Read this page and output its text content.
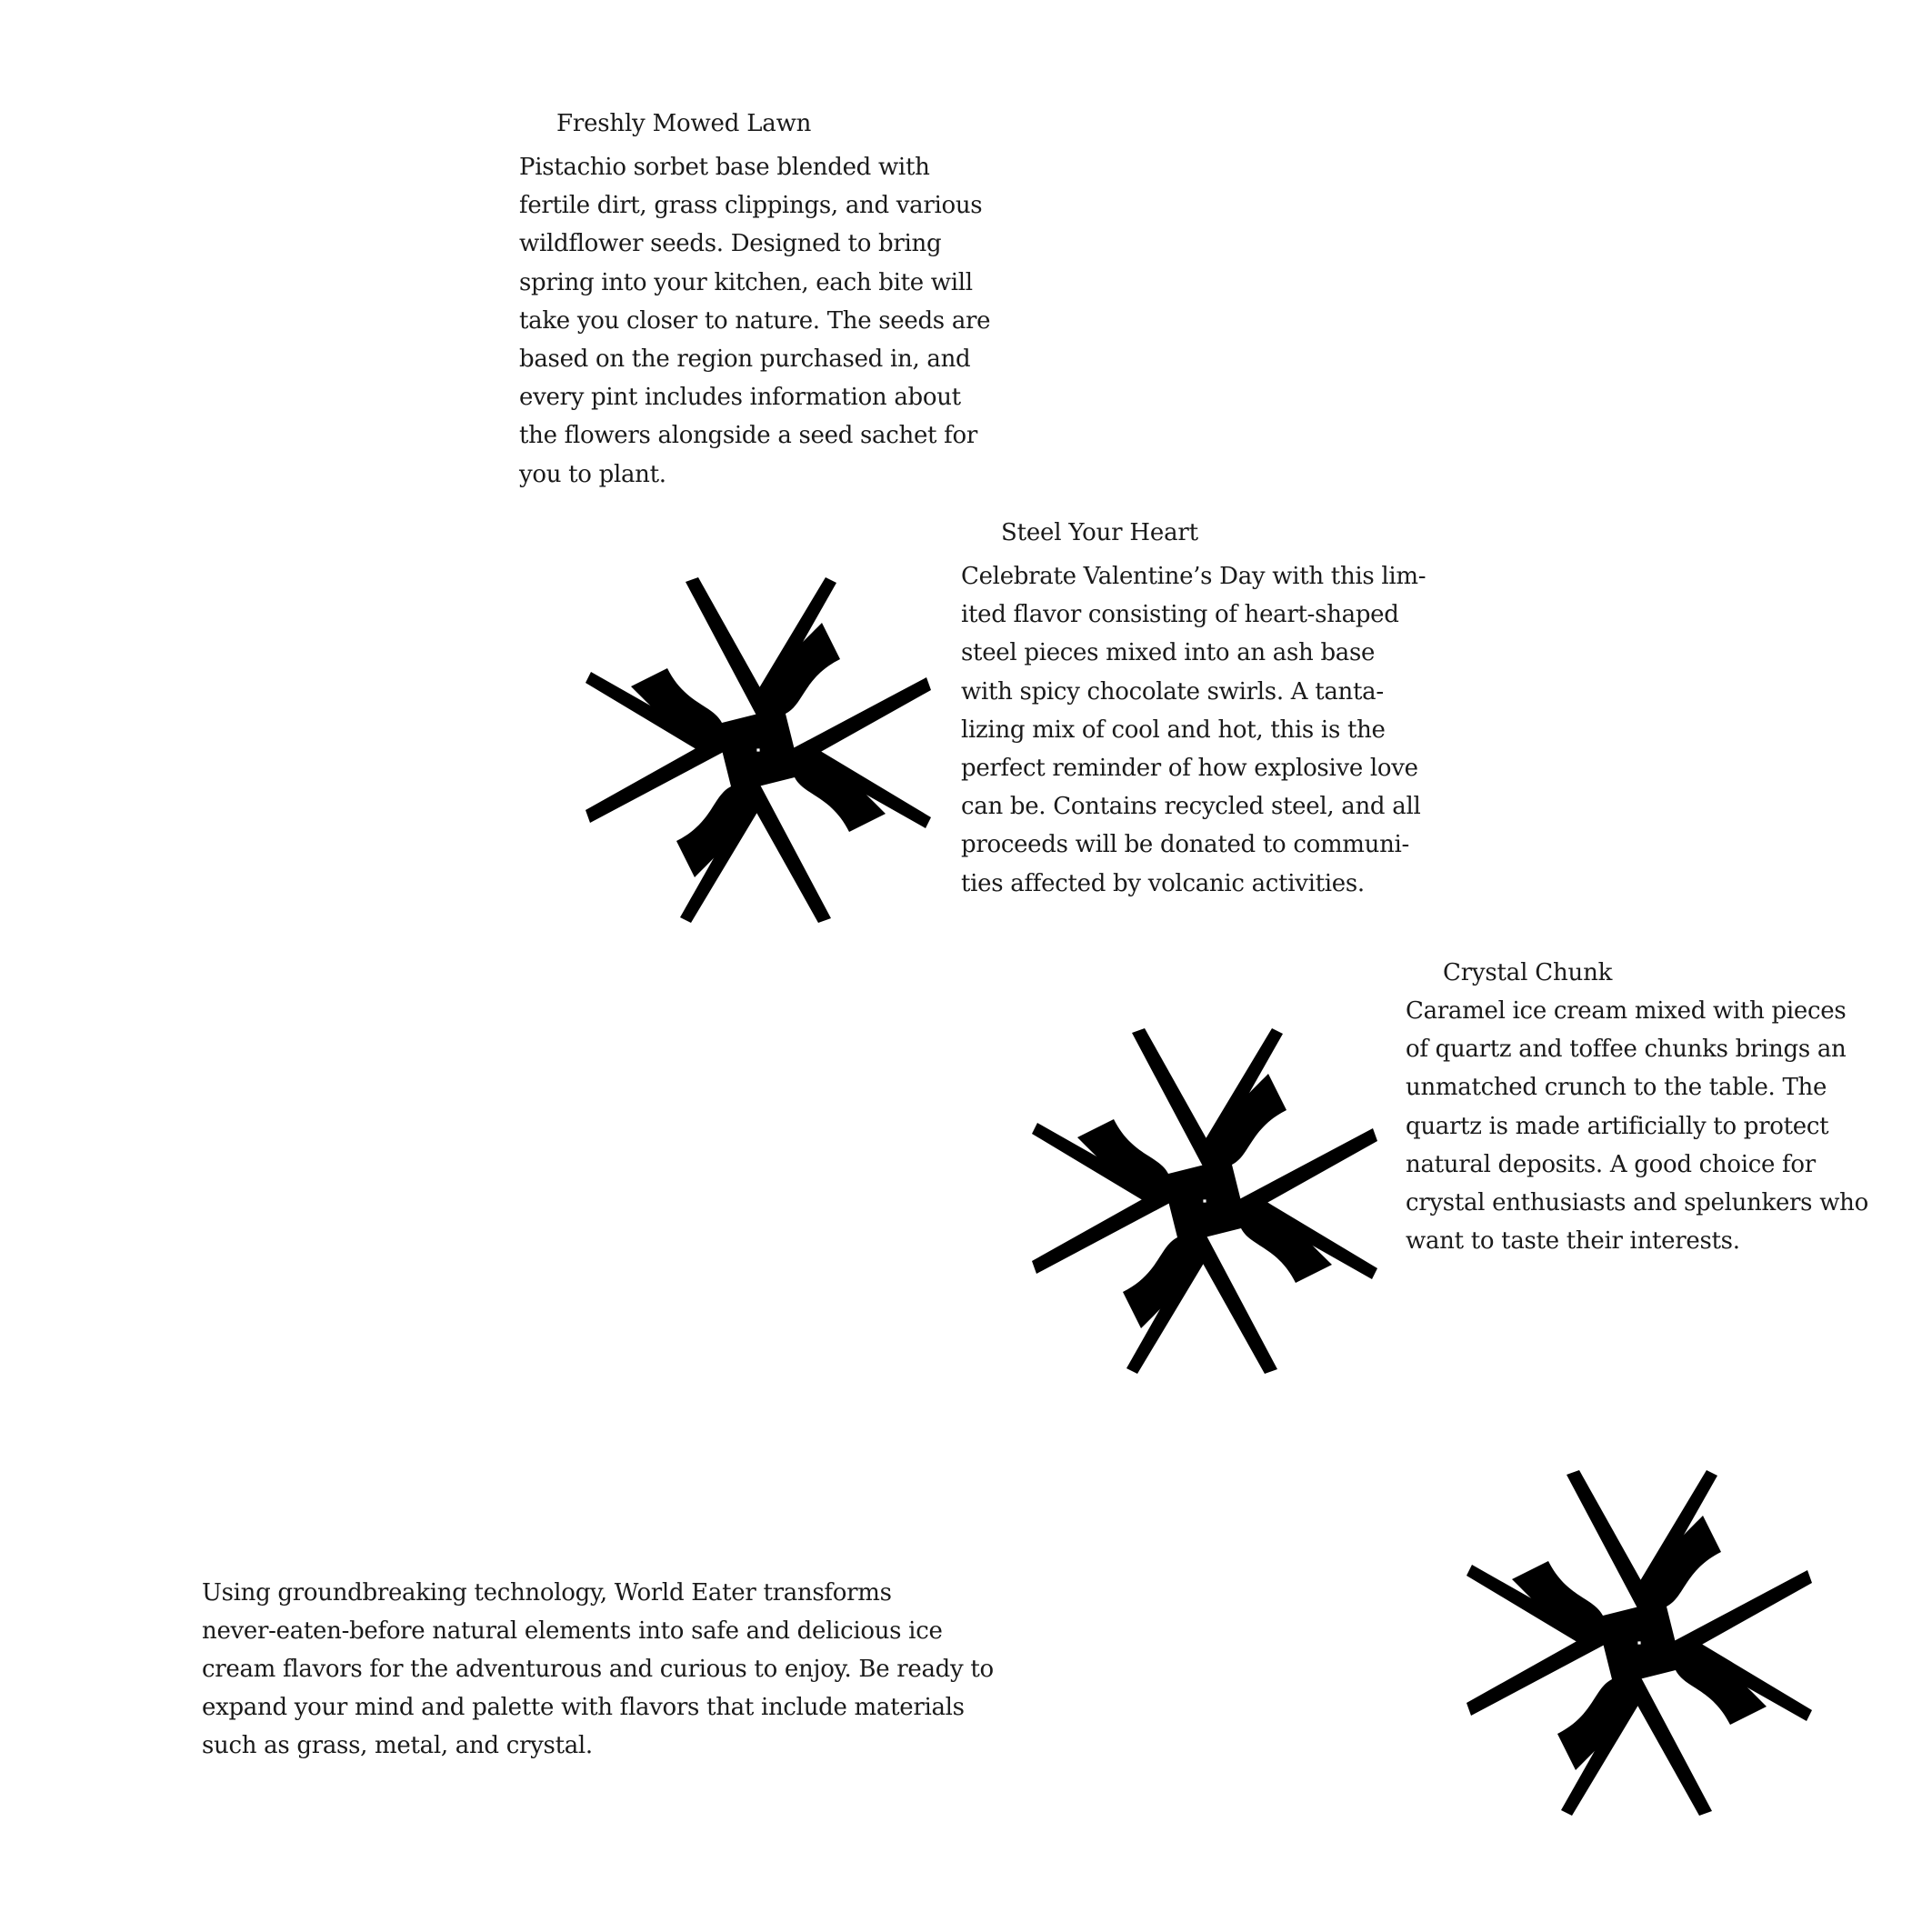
Freshly Mowed Lawn
Pistachio sorbet base blended with
fertile dirt, grass clippings, and various
wildflower seeds. Designed to bring
spring into your kitchen, each bite will
take you closer to nature. The seeds are
based on the region purchased in, and
every pint includes information about
the flowers alongside a seed sachet for
you to plant.
Steel Your Heart
Celebrate Valentine’s Day with this lim-
ited flavor consisting of heart-shaped
steel pieces mixed into an ash base
with spicy chocolate swirls. A tanta-
lizing mix of cool and hot, this is the
perfect reminder of how explosive love
can be. Contains recycled steel, and all
proceeds will be donated to communi-
ties affected by volcanic activities.
Crystal Chunk
Caramel ice cream mixed with pieces
of quartz and toffee chunks brings an
unmatched crunch to the table. The
quartz is made artificially to protect
natural deposits. A good choice for
crystal enthusiasts and spelunkers who
want to taste their interests.
Using groundbreaking technology, World Eater transforms
never-eaten-before natural elements into safe and delicious ice
cream flavors for the adventurous and curious to enjoy. Be ready to
expand your mind and palette with flavors that include materials
such as grass, metal, and crystal.
